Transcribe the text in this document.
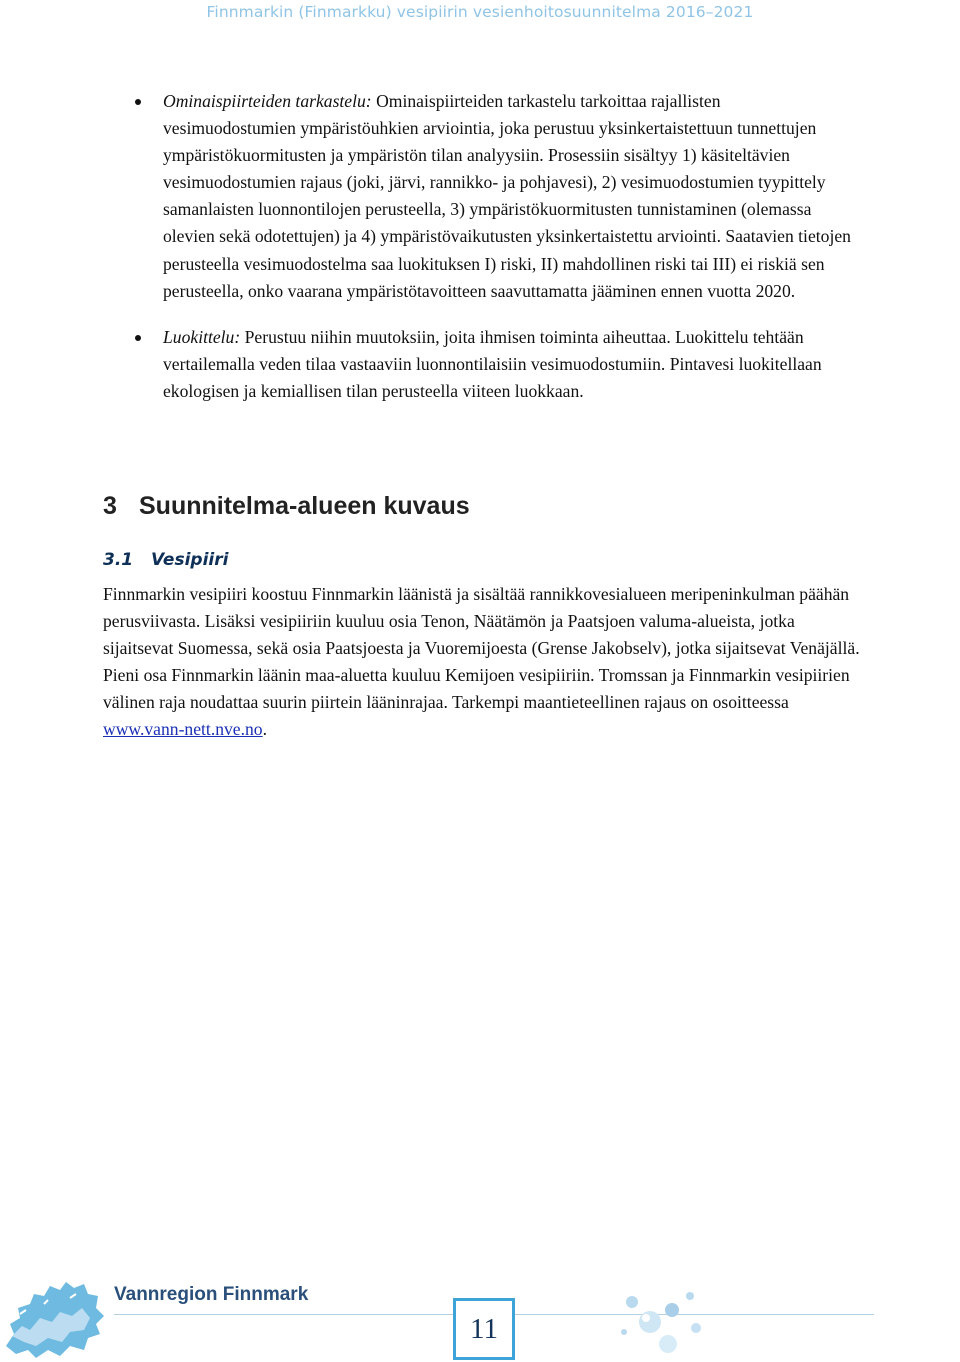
Finnmarkin (Finmarkku) vesipiirin vesienhoitosuunnitelma 2016–2021
Ominaispiirteiden tarkastelu: Ominaispiirteiden tarkastelu tarkoittaa rajallisten vesimuodostumien ympäristöuhkien arviointia, joka perustuu yksinkertaistettuun tunnettujen ympäristökuormitusten ja ympäristön tilan analyysiin. Prosessiin sisältyy 1) käsiteltävien vesimuodostumien rajaus (joki, järvi, rannikko- ja pohjavesi), 2) vesimuodostumien tyypittely samanlaisten luonnontilojen perusteella, 3) ympäristökuormitusten tunnistaminen (olemassa olevien sekä odotettujen) ja 4) ympäristövaikutusten yksinkertaistettu arviointi. Saatavien tietojen perusteella vesimuodostelma saa luokituksen I) riski, II) mahdollinen riski tai III) ei riskiä sen perusteella, onko vaarana ympäristötavoitteen saavuttamatta jääminen ennen vuotta 2020.
Luokittelu: Perustuu niihin muutoksiin, joita ihmisen toiminta aiheuttaa. Luokittelu tehtään vertailemalla veden tilaa vastaaviin luonnontilaisiin vesimuodostumiin. Pintavesi luokitellaan ekologisen ja kemiallisen tilan perusteella viiteen luokkaan.
3 Suunnitelma-alueen kuvaus
3.1 Vesipiiri

Finnmarkin vesipiiri koostuu Finnmarkin läänistä ja sisältää rannikkovesialueen meripeninkulman päähän perusviivasta. Lisäksi vesipiiriin kuuluu osia Tenon, Näätämön ja Paatsjoen valuma-alueista, jotka sijaitsevat Suomessa, sekä osia Paatsjoesta ja Vuoremijoesta (Grense Jakobselv), jotka sijaitsevat Venäjällä. Pieni osa Finnmarkin läänin maa-aluetta kuuluu Kemijoen vesipiiriin. Tromssan ja Finnmarkin vesipiirien välinen raja noudattaa suurin piirtein lääninrajaa. Tarkempi maantieteellinen rajaus on osoitteessa www.vann-nett.nve.no.

Vannregion Finnmark
11
